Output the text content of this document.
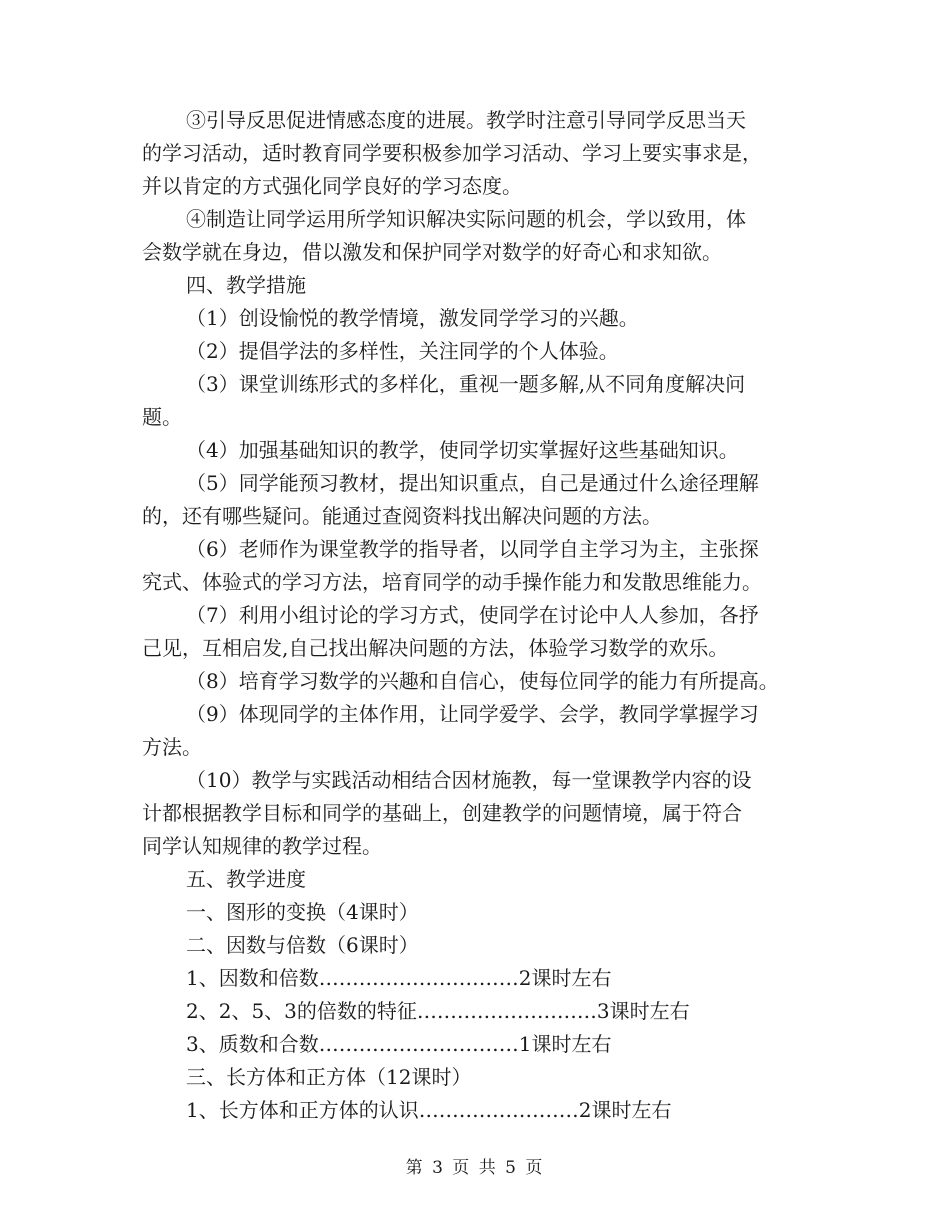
③引导反思促进情感态度的进展。教学时注意引导同学反思当天
的学习活动，适时教育同学要积极参加学习活动、学习上要实事求是，
并以肯定的方式强化同学良好的学习态度。
④制造让同学运用所学知识解决实际问题的机会，学以致用，体
会数学就在身边，借以激发和保护同学对数学的好奇心和求知欲。
四、教学措施
（1）创设愉悦的教学情境，激发同学学习的兴趣。
（2）提倡学法的多样性，关注同学的个人体验。
（3）课堂训练形式的多样化，重视一题多解,从不同角度解决问
题。
（4）加强基础知识的教学，使同学切实掌握好这些基础知识。
（5）同学能预习教材，提出知识重点，自己是通过什么途径理解
的，还有哪些疑问。能通过查阅资料找出解决问题的方法。
（6）老师作为课堂教学的指导者，以同学自主学习为主，主张探
究式、体验式的学习方法，培育同学的动手操作能力和发散思维能力。
（7）利用小组讨论的学习方式，使同学在讨论中人人参加，各抒
己见，互相启发,自己找出解决问题的方法，体验学习数学的欢乐。
（8）培育学习数学的兴趣和自信心，使每位同学的能力有所提高。
（9）体现同学的主体作用，让同学爱学、会学，教同学掌握学习
方法。
（10）教学与实践活动相结合因材施教，每一堂课教学内容的设
计都根据教学目标和同学的基础上，创建教学的问题情境，属于符合
同学认知规律的教学过程。
五、教学进度
一、图形的变换（4课时）
二、因数与倍数（6课时）
1、因数和倍数…………………………2课时左右
2、2、5、3的倍数的特征………………………3课时左右
3、质数和合数…………………………1课时左右
三、长方体和正方体（12课时）
1、长方体和正方体的认识……………………2课时左右
第 3 页 共 5 页
